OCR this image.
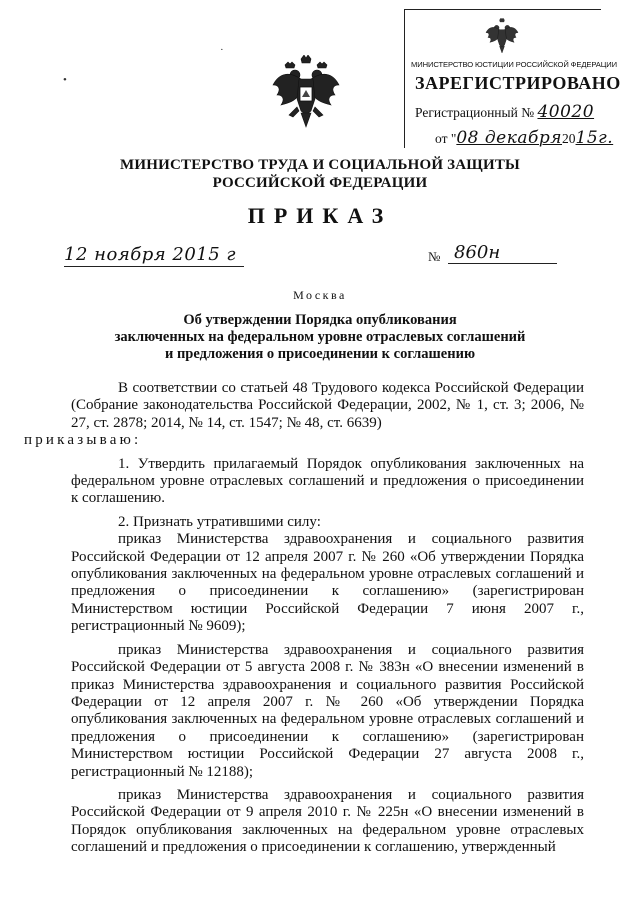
МИНИСТЕРСТВО ЮСТИЦИИ РОССИЙСКОЙ ФЕДЕРАЦИИ
ЗАРЕГИСТРИРОВАНО
Регистрационный № 40020
от "08 декабря2015г.
•
·
МИНИСТЕРСТВО ТРУДА И СОЦИАЛЬНОЙ ЗАЩИТЫ
РОССИЙСКОЙ ФЕДЕРАЦИИ
ПРИКАЗ
12 ноября 2015 г	№ 860н
Москва
Об утверждении Порядка опубликования
заключенных на федеральном уровне отраслевых соглашений
и предложения о присоединении к соглашению

В соответствии со статьей 48 Трудового кодекса Российской Федерации (Собрание законодательства Российской Федерации, 2002, № 1, ст. 3; 2006, № 27, ст. 2878; 2014, № 14, ст. 1547; № 48, ст. 6639)
приказываю:

1. Утвердить прилагаемый Порядок опубликования заключенных на федеральном уровне отраслевых соглашений и предложения о присоединении к соглашению.

2. Признать утратившими силу:

приказ Министерства здравоохранения и социального развития Российской Федерации от 12 апреля 2007 г. № 260 «Об утверждении Порядка опубликования заключенных на федеральном уровне отраслевых соглашений и предложения о присоединении к соглашению» (зарегистрирован Министерством юстиции Российской Федерации 7 июня 2007 г., регистрационный № 9609);

приказ Министерства здравоохранения и социального развития Российской Федерации от 5 августа 2008 г. № 383н «О внесении изменений в приказ Министерства здравоохранения и социального развития Российской Федерации от 12 апреля 2007 г. № 260 «Об утверждении Порядка опубликования заключенных на федеральном уровне отраслевых соглашений и предложения о присоединении к соглашению» (зарегистрирован Министерством юстиции Российской Федерации 27 августа 2008 г., регистрационный № 12188);

приказ Министерства здравоохранения и социального развития Российской Федерации от 9 апреля 2010 г. № 225н «О внесении изменений в Порядок опубликования заключенных на федеральном уровне отраслевых соглашений и предложения о присоединении к соглашению, утвержденный
